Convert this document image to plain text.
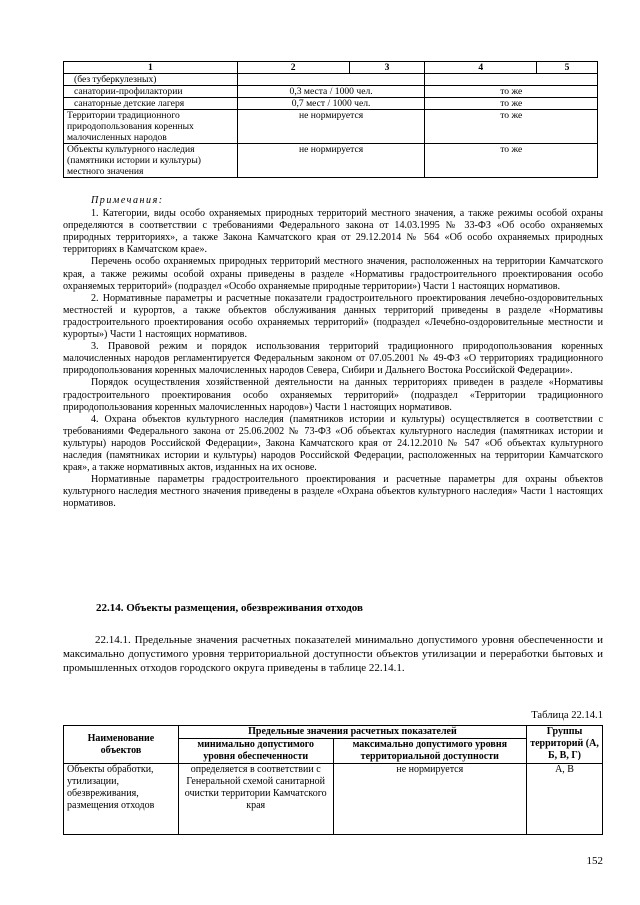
1	2	3	4	5
(без туберкулезных)				
санатории-профилактории	0,3 места / 1000 чел.		то же	
санаторные детские лагеря	0,7 мест / 1000 чел.		то же	
Территории традиционного природопользования коренных малочисленных народов	не нормируется		то же	
Объекты культурного наследия (памятники истории и культуры) местного значения	не нормируется		то же	

Примечания:

1. Категории, виды особо охраняемых природных территорий местного значения, а также режимы особой охраны определяются в соответствии с требованиями Федерального закона от 14.03.1995 № 33-ФЗ «Об особо охраняемых природных территориях», а также Закона Камчатского края от 29.12.2014 № 564 «Об особо охраняемых природных территориях в Камчатском крае».

Перечень особо охраняемых природных территорий местного значения, расположенных на территории Камчатского края, а также режимы особой охраны приведены в разделе «Нормативы градостроительного проектирования особо охраняемых территорий» (подраздел «Особо охраняемые природные территории») Части 1 настоящих нормативов.

2. Нормативные параметры и расчетные показатели градостроительного проектирования лечебно-оздоровительных местностей и курортов, а также объектов обслуживания данных территорий приведены в разделе «Нормативы градостроительного проектирования особо охраняемых территорий» (подраздел «Лечебно-оздоровительные местности и курорты») Части 1 настоящих нормативов.

3. Правовой режим и порядок использования территорий традиционного природопользования коренных малочисленных народов регламентируется Федеральным законом от 07.05.2001 № 49-ФЗ «О территориях традиционного природопользования коренных малочисленных народов Севера, Сибири и Дальнего Востока Российской Федерации».

Порядок осуществления хозяйственной деятельности на данных территориях приведен в разделе «Нормативы градостроительного проектирования особо охраняемых территорий» (подраздел «Территории традиционного природопользования коренных малочисленных народов») Части 1 настоящих нормативов.

4. Охрана объектов культурного наследия (памятников истории и культуры) осуществляется в соответствии с требованиями Федерального закона от 25.06.2002 № 73-ФЗ «Об объектах культурного наследия (памятниках истории и культуры) народов Российской Федерации», Закона Камчатского края от 24.12.2010 № 547 «Об объектах культурного наследия (памятниках истории и культуры) народов Российской Федерации, расположенных на территории Камчатского края», а также нормативных актов, изданных на их основе.

Нормативные параметры градостроительного проектирования и расчетные параметры для охраны объектов культурного наследия местного значения приведены в разделе «Охрана объектов культурного наследия» Части 1 настоящих нормативов.

22.14. Объекты размещения, обезвреживания отходов

22.14.1. Предельные значения расчетных показателей минимально допустимого уровня обеспеченности и максимально допустимого уровня территориальной доступности объектов утилизации и переработки бытовых и промышленных отходов городского округа приведены в таблице 22.14.1.

Таблица 22.14.1
Наименование объектов	Предельные значения расчетных показателей		Группы территорий (А, Б, В, Г)
	минимально допустимого уровня обеспеченности	максимально допустимого уровня территориальной доступности	
Объекты обработки, утилизации, обезвреживания, размещения отходов	определяется в соответствии с Генеральной схемой санитарной очистки территории Камчатского края	не нормируется	А, В
152
